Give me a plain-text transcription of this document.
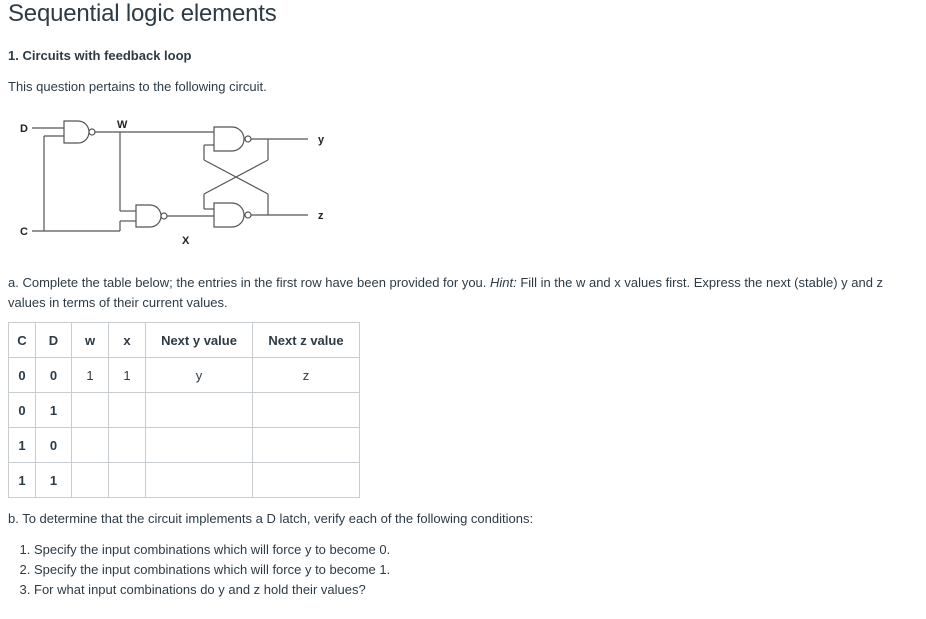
Sequential logic elements
1. Circuits with feedback loop
This question pertains to the following circuit.
D
C
W
X
y
z
a. Complete the table below; the entries in the first row have been provided for you. Hint: Fill in the w and x values first. Express the next (stable) y and z values in terms of their current values.
C	D	w	x	Next y value	Next z value
0	0	1	1	y	z
0	1				
1	0				
1	1				
b. To determine that the circuit implements a D latch, verify each of the following conditions:
1. Specify the input combinations which will force y to become 0.
2. Specify the input combinations which will force y to become 1.
3. For what input combinations do y and z hold their values?
